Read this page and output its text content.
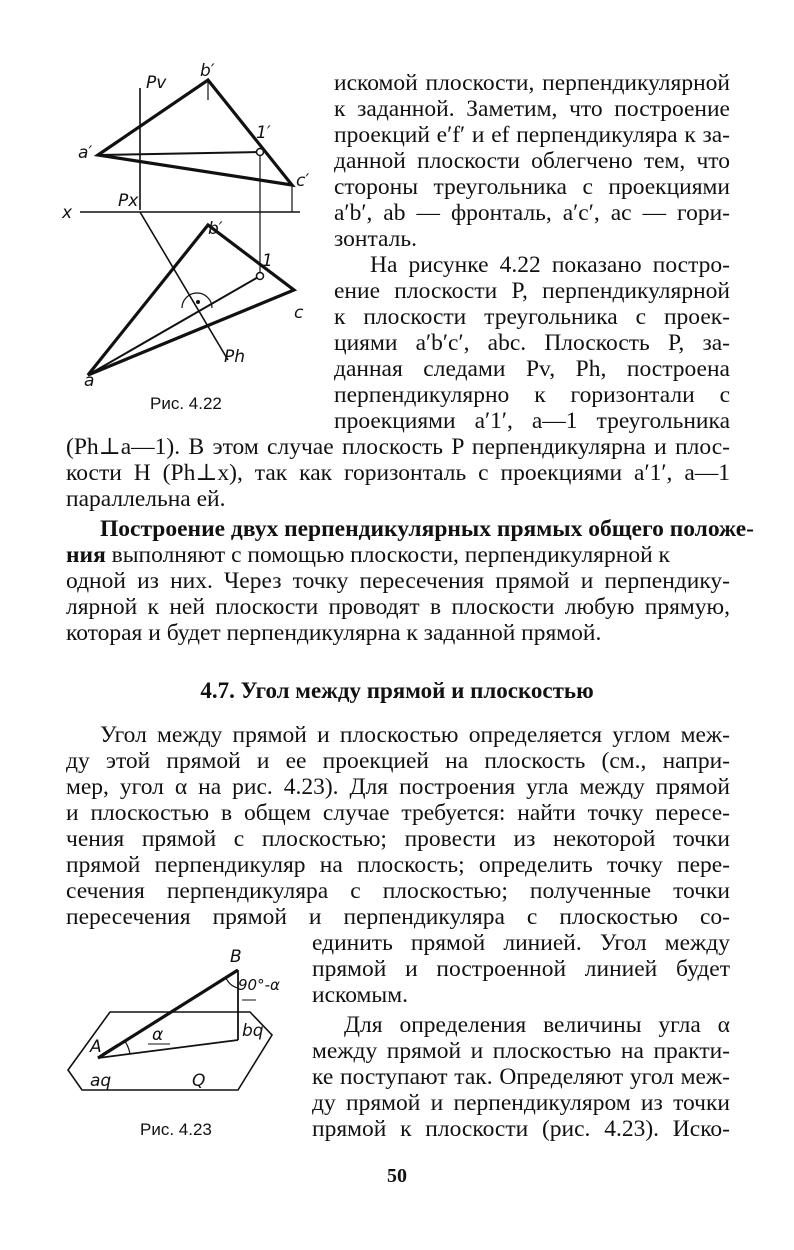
Pv
b′
a′
1′
c′
x
Px
b′
1
c
Ph
a
Рис. 4.22
искомой плоскости, перпендикулярной
к заданной. Заметим, что построение
проекций e′f′ и ef перпендикуляра к за-
данной плоскости облегчено тем, что
стороны треугольника с проекциями
a′b′, ab — фронталь, a′c′, ac — гори-
зонталь.
На рисунке 4.22 показано постро-
ение плоскости P, перпендикулярной
к плоскости треугольника с проек-
циями a′b′c′, abc. Плоскость P, за-
данная следами Pv, Ph, построена
перпендикулярно к горизонтали с
проекциями a′1′, a—1 треугольника
(Ph⊥a—1). В этом случае плоскость P перпендикулярна и плос-
кости H (Ph⊥x), так как горизонталь с проекциями a′1′, a—1
параллельна ей.
Построение двух перпендикулярных прямых общего положе-
ния выполняют с помощью плоскости, перпендикулярной к
одной из них. Через точку пересечения прямой и перпендику-
лярной к ней плоскости проводят в плоскости любую прямую,
которая и будет перпендикулярна к заданной прямой.
4.7. Угол между прямой и плоскостью
Угол между прямой и плоскостью определяется углом меж-
ду этой прямой и ее проекцией на плоскость (см., напри-
мер, угол α на рис. 4.23). Для построения угла между прямой
и плоскостью в общем случае требуется: найти точку пересе-
чения прямой с плоскостью; провести из некоторой точки
прямой перпендикуляр на плоскость; определить точку пере-
сечения перпендикуляра с плоскостью; полученные точки
пересечения прямой и перпендикуляра с плоскостью со-
единить прямой линией. Угол между
прямой и построенной линией будет
искомым.
Для определения величины угла α
между прямой и плоскостью на практи-
ке поступают так. Определяют угол меж-
ду прямой и перпендикуляром из точки
прямой к плоскости (рис. 4.23). Иско-
B
90°-α
α	bq
A
aq	Q
Рис. 4.23
50
